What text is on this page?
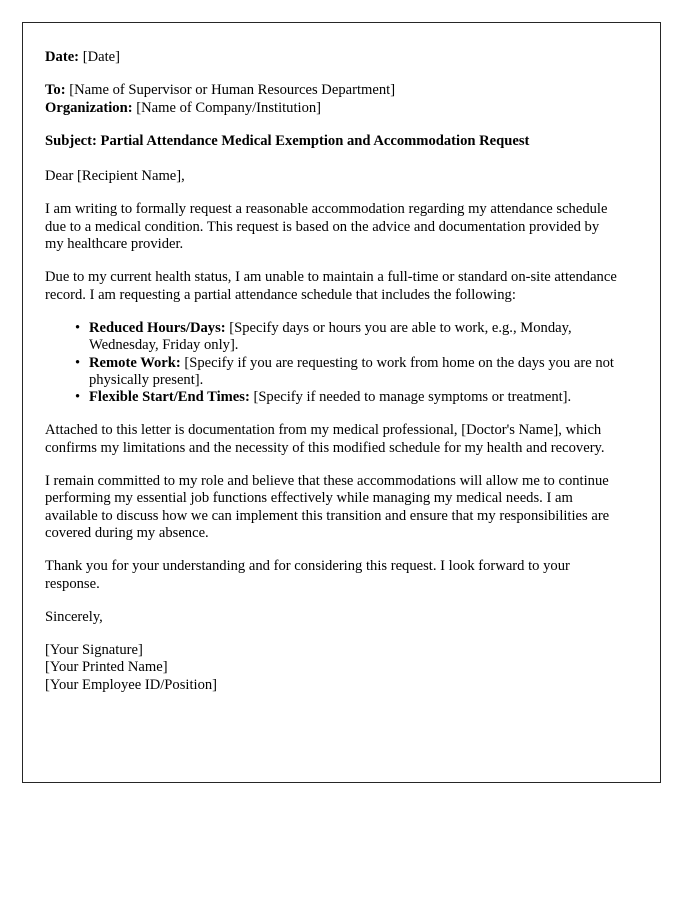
Date: [Date]
To: [Name of Supervisor or Human Resources Department]
Organization: [Name of Company/Institution]
Subject: Partial Attendance Medical Exemption and Accommodation Request
Dear [Recipient Name],
I am writing to formally request a reasonable accommodation regarding my attendance schedule due to a medical condition. This request is based on the advice and documentation provided by my healthcare provider.
Due to my current health status, I am unable to maintain a full-time or standard on-site attendance record. I am requesting a partial attendance schedule that includes the following:
• Reduced Hours/Days: [Specify days or hours you are able to work, e.g., Monday, Wednesday, Friday only].
• Remote Work: [Specify if you are requesting to work from home on the days you are not physically present].
• Flexible Start/End Times: [Specify if needed to manage symptoms or treatment].
Attached to this letter is documentation from my medical professional, [Doctor's Name], which confirms my limitations and the necessity of this modified schedule for my health and recovery.
I remain committed to my role and believe that these accommodations will allow me to continue performing my essential job functions effectively while managing my medical needs. I am available to discuss how we can implement this transition and ensure that my responsibilities are covered during my absence.
Thank you for your understanding and for considering this request. I look forward to your response.
Sincerely,
[Your Signature]
[Your Printed Name]
[Your Employee ID/Position]
